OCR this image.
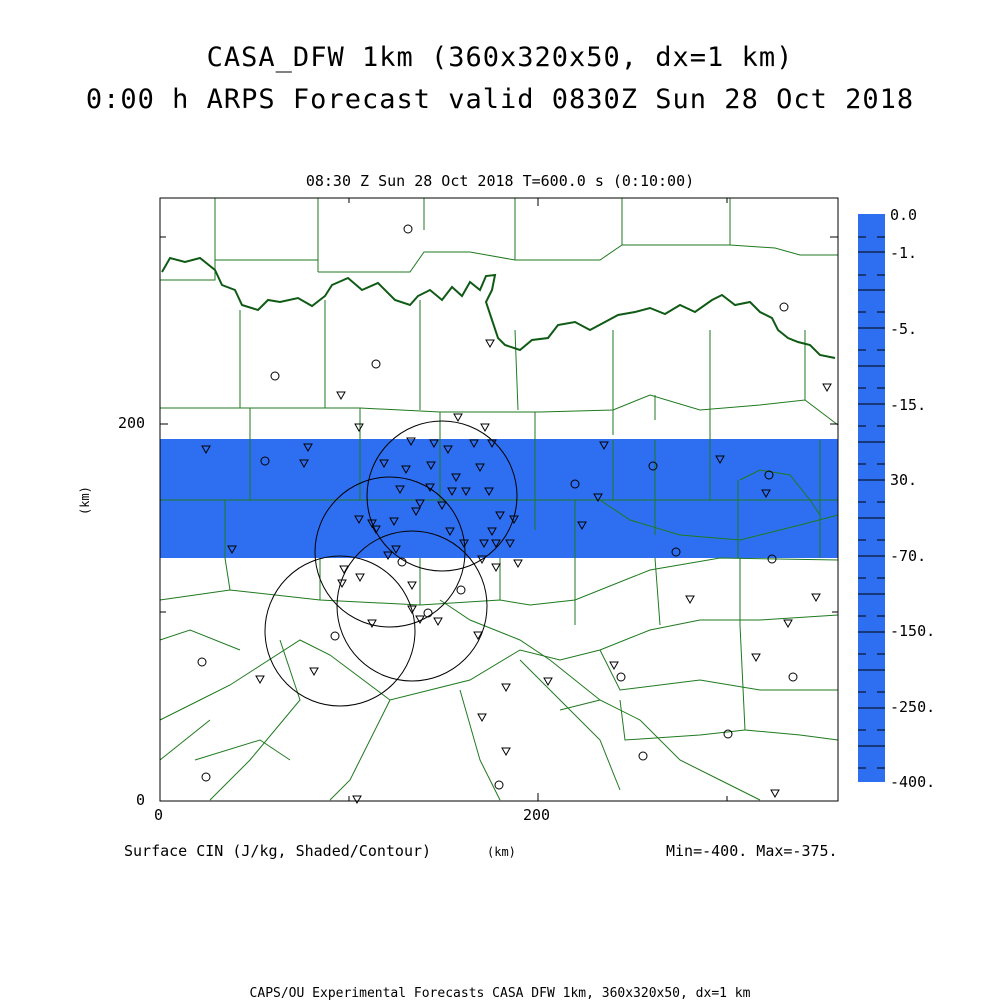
CASA_DFW 1km (360x320x50, dx=1 km)
0:00 h ARPS Forecast valid 0830Z Sun 28 Oct 2018
08:30 Z Sun 28 Oct 2018 T=600.0 s (0:10:00)
0	200
0
200
(km)
0.0
-1.
-5.
-15.
30.
-70.
-150.
-250.
-400.
Surface CIN (J/kg, Shaded/Contour)	(km)	Min=-400. Max=-375.
CAPS/OU Experimental Forecasts CASA DFW 1km, 360x320x50, dx=1 km
